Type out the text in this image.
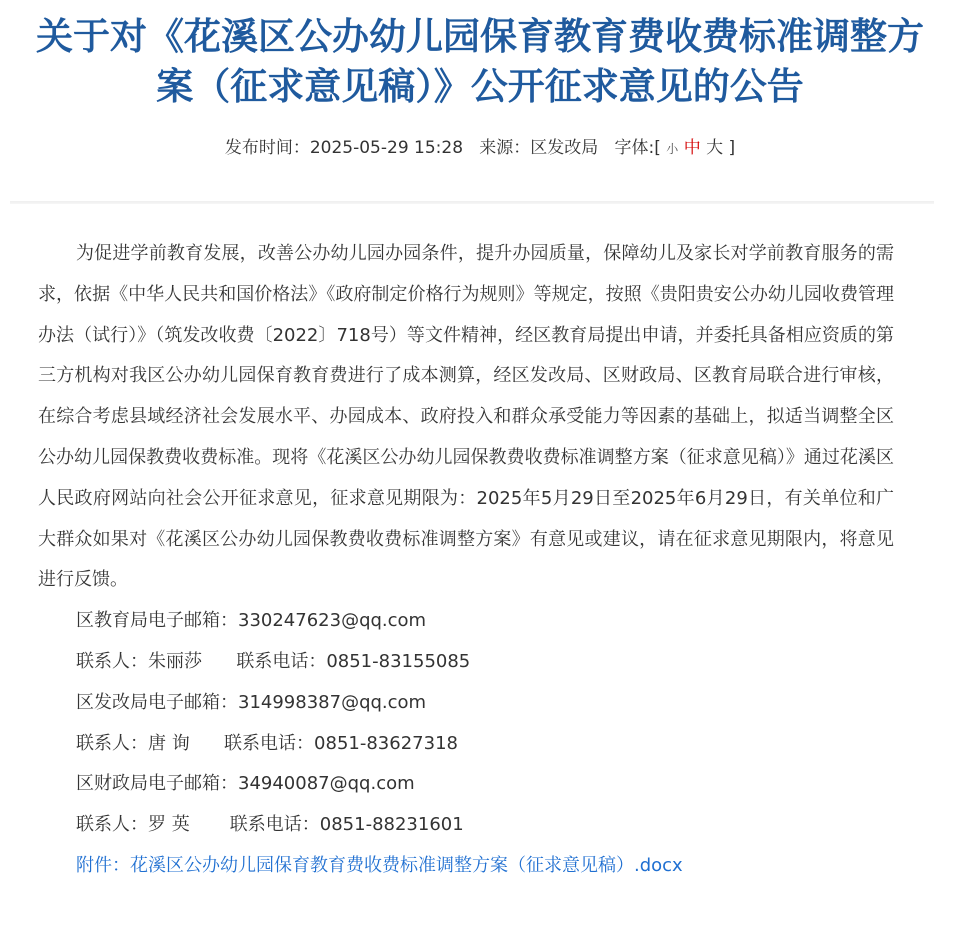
关于对《花溪区公办幼儿园保育教育费收费标准调整方案（征求意见稿）》公开征求意见的公告
发布时间：2025-05-29 15:28 来源：区发改局 字体:[ 小 中 大 ]

为促进学前教育发展，改善公办幼儿园办园条件，提升办园质量，保障幼儿及家长对学前教育服务的需求，依据《中华人民共和国价格法》《政府制定价格行为规则》等规定，按照《贵阳贵安公办幼儿园收费管理办法（试行）》（筑发改收费〔2022〕718号）等文件精神，经区教育局提出申请，并委托具备相应资质的第三方机构对我区公办幼儿园保育教育费进行了成本测算，经区发改局、区财政局、区教育局联合进行审核，在综合考虑县域经济社会发展水平、办园成本、政府投入和群众承受能力等因素的基础上，拟适当调整全区公办幼儿园保教费收费标准。现将《花溪区公办幼儿园保教费收费标准调整方案（征求意见稿）》通过花溪区人民政府网站向社会公开征求意见，征求意见期限为：2025年5月29日至2025年6月29日，有关单位和广大群众如果对《花溪区公办幼儿园保教费收费标准调整方案》有意见或建议，请在征求意见期限内，将意见进行反馈。

区教育局电子邮箱：330247623@qq.com

联系人：朱丽莎      联系电话：0851-83155085

区发改局电子邮箱：314998387@qq.com

联系人：唐 询      联系电话：0851-83627318

区财政局电子邮箱：34940087@qq.com

联系人：罗 英       联系电话：0851-88231601

附件：花溪区公办幼儿园保育教育费收费标准调整方案（征求意见稿）.docx
